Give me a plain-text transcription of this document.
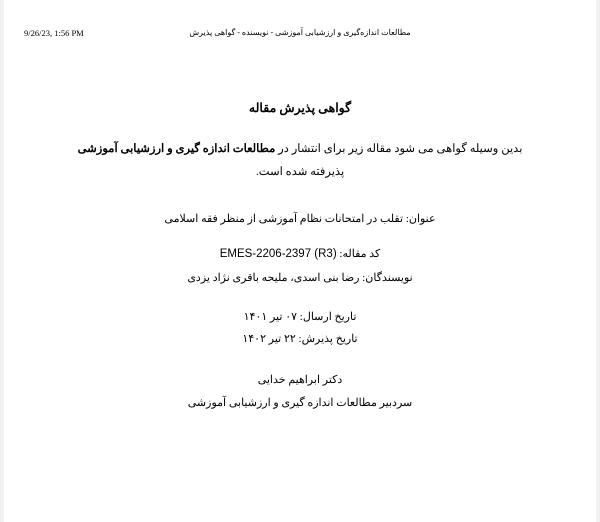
9/26/23, 1:56 PM	مطالعات اندازه‌گیری و ارزشیابی آموزشی - نویسنده - گواهی پذیرش
گواهی پذیرش مقاله
بدین وسیله گواهی می شود مقاله زیر برای انتشار در مطالعات اندازه گیری و ارزشیابی آموزشی
پذیرفته شده است.
عنوان: تقلب در امتحانات نظام آموزشی از منظر فقه اسلامی
کد مقاله: EMES-2206-2397 (R3)
نویسندگان: رضا بنی اسدی، ملیحه باقری نژاد یزدی
تاریخ ارسال: ۰۷ تیر ۱۴۰۱
تاریخ پذیرش: ۲۲ تیر ۱۴۰۲
دکتر ابراهیم خدایی
سردبیر مطالعات اندازه گیری و ارزشیابی آموزشی
